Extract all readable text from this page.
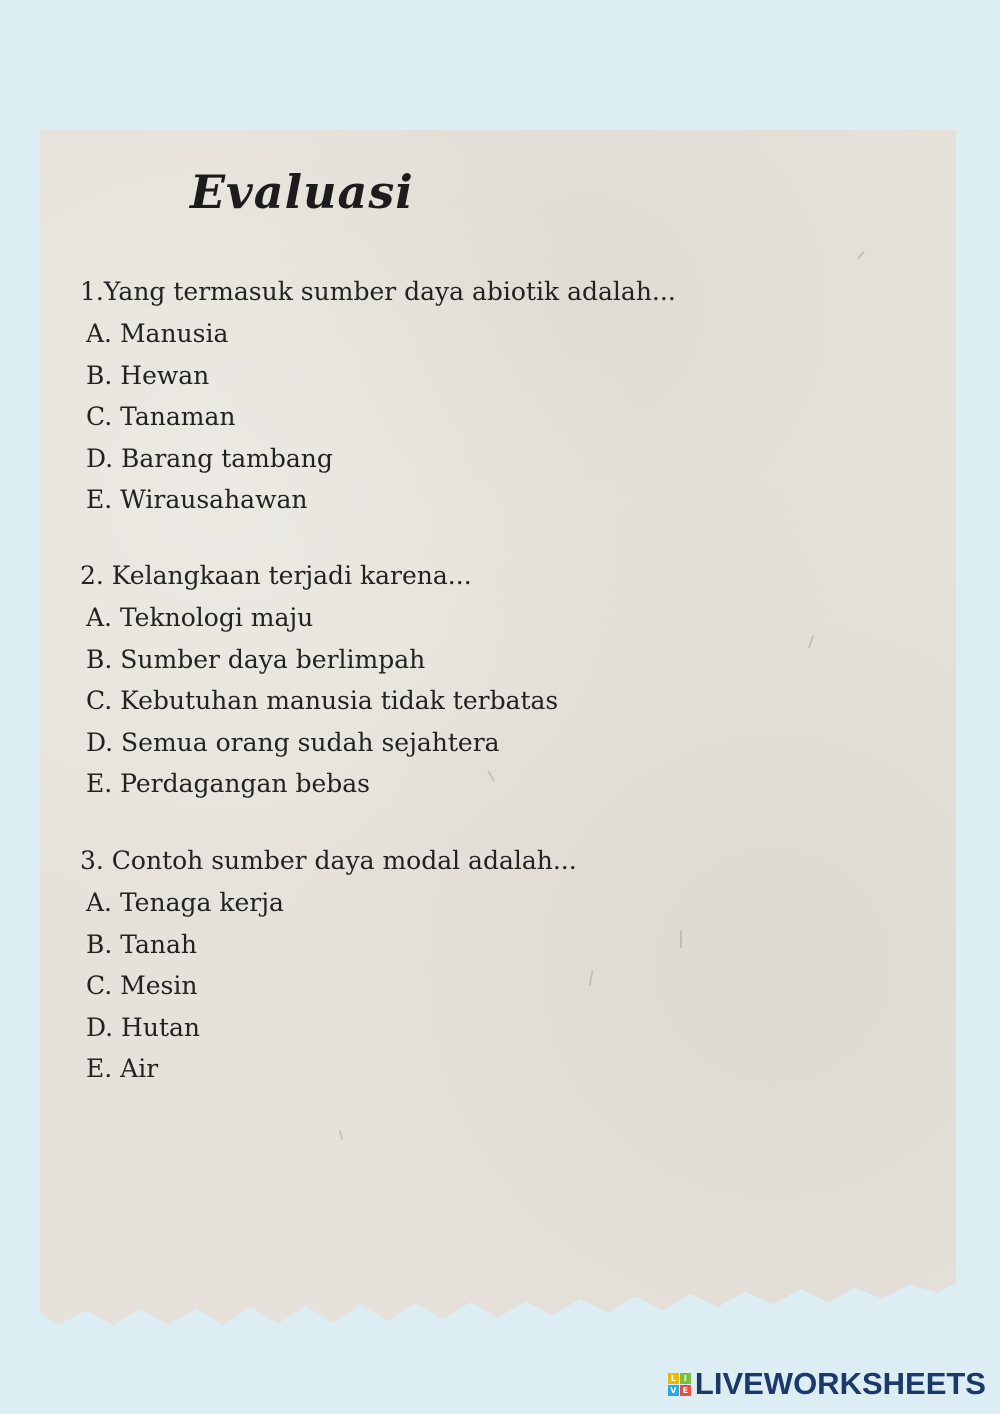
Evaluasi
1.Yang termasuk sumber daya abiotik adalah...
A. Manusia
B. Hewan
C. Tanaman
D. Barang tambang
E. Wirausahawan
2. Kelangkaan terjadi karena...
A. Teknologi maju
B. Sumber daya berlimpah
C. Kebutuhan manusia tidak terbatas
D. Semua orang sudah sejahtera
E. Perdagangan bebas
3. Contoh sumber daya modal adalah...
A. Tenaga kerja
B. Tanah
C. Mesin
D. Hutan
E. Air
L I
V E LIVEWORKSHEETS
